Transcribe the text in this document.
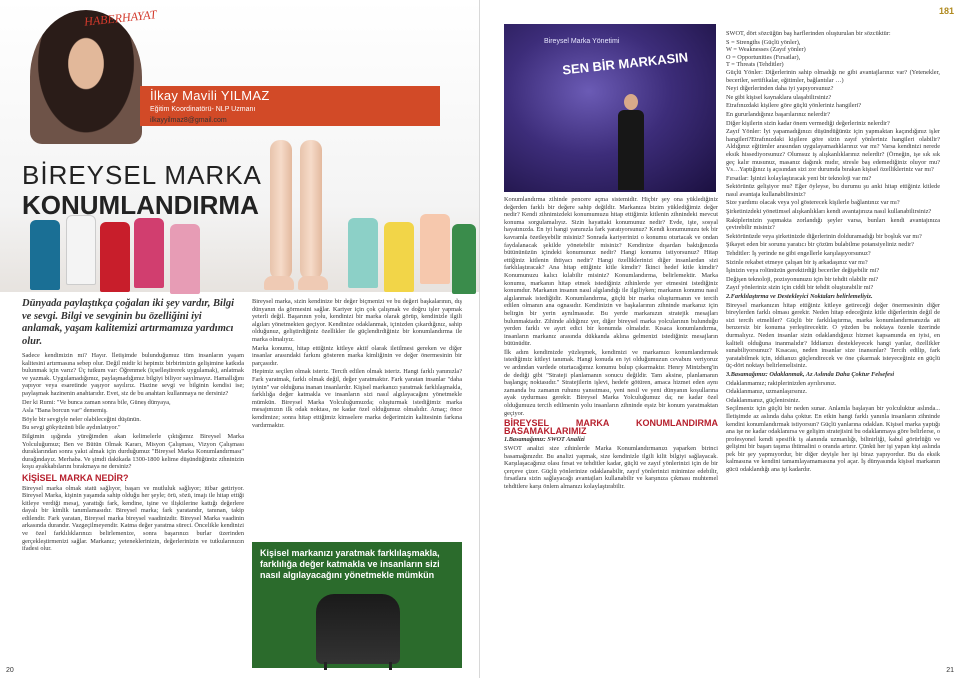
HABERHAYAT
İlkay Mavili YILMAZ
Eğitim Koordinatörü- NLP Uzmanı
ilkayyilmaz8@gmail.com
BİREYSEL MARKA
KONUMLANDIRMA
Dünyada paylaştıkça çoğalan iki şey vardır, Bilgi ve sevgi. Bilgi ve sevginin bu özelliğini iyi anlamak, yaşam kalitemizi artırmamıza yardımcı olur.

Sadece kendimizin mi? Hayır. İletişimde bulunduğumuz tüm insanların yaşam kalitesini artırmasına sebep olur. Değil midir ki hepimiz birbirimizin gelişimine katkıda bulunmak için varız? Üç tutkum var: Öğrenmek (içselleştirerek uygulamak), anlatmak ve yazmak. Uygulamadığımız, paylaşmadığımız bilgiyi biliyor sayılmayız. Hamallığını yapıyor veya esaretinde yaşıyor sayılırız. Hazine sevgi ve bilginin kendisi ise; paylaşmak hazinenin anahtarıdır. Evet, siz de bu anahtarı kullanmaya ne dersiniz?

Der ki Rumi: "Ve bunca zaman sonra bile, Güneş dünyaya,

Asla "Bana borcun var" dememiş.

Böyle bir sevgiyle neler olabileceğini düşünün.

Bu sevgi gökyüzünü bile aydınlatıyor."

Bilgimin ışığında yüreğimden akan kelimelerle çıktığımız Bireysel Marka Yolculuğumuz; Ben ve Bütün Olmak Kararı, Misyon Çalışması, Vizyon Çalışması duraklarından sonra yakıt almak için durduğumuz "Bireysel Marka Konumlandırması" durağındayız. Merhaba. Ve şimdi dakikada 1300-1800 kelime düşündüğünüz zihninizin koşu ayakkabılarını bırakmaya ne dersiniz?

KİŞİSEL MARKA NEDİR?

Bireysel marka olmak statü sağlıyor, başarı ve mutluluk sağlıyor; itibar getiriyor. Bireysel Marka, kişinin yaşamda sahip olduğu her şeyle; örü, sözü, imajı ile hitap ettiği kitleye verdiği mesaj, yarattığı fark, kendine, işine ve ilişkilerine kattığı değerlere dayalı bir kimlik tanımlamasıdır. Bireysel marka; fark yaratandır, tanınan, takip edilendir. Fark yaratan, Bireysel marka bireysel vaadinizdir. Bireysel Marka vaadinin arkasında durandır. Vazgeçilmeyendir. Katma değer yaratma süreci. Öncelikle kendinizi ve özel farklılıklarınızı belirlemenize, sonra başarınızı burlar üzerinden gerçekleştirmenizi sağlar. Markanız; yeteneklerinizin, değerlerinizin ve tutkularınızın ifadesi olur.

Bireysel marka, sizin kendinize bir değer biçmenizi ve bu değeri başkalarının, dış dünyanın da görmesini sağlar. Kariyer için çok çalışmak ve doğru işler yapmak yeterli değil. Başarının yolu, kendinizi bir marka olarak görüp, kendinizle ilgili algıları yönetmekten geçiyor. Kendinize odaklanmak, içinizden çıkardığınız, sahip olduğunuz, geliştirdiğiniz özellikler ile güçlendirdiğiniz bir konumlandırma ile marka olmalıyız.

Marka konumu, hitap ettiğiniz kitleye aktif olarak iletilmesi gereken ve diğer insanlar arasındaki farkını gösteren marka kimliğinin ve değer önermesinin bir parçasıdır.

Hepimiz seçilen olmak isteriz. Tercih edilen olmak isteriz. Hangi farklı yanınızla? Fark yaratmak, farklı olmak değil, değer yaratmaktır. Fark yaratan insanlar "daha iyinin" var olduğuna inanan insanlardır. Kişisel markanızı yaratmak farklılaşmakla, farklılığa değer katmakla ve insanların sizi nasıl algılayacağını yönetmekle mümkün. Bireysel Marka Yolculuğumuzda; oluşturmak istediğimiz marka mesajımızın ilk odak noktası, ne kadar özel olduğumuz olmalıdır. Amaç; önce kendimize; sonra hitap ettiğimiz kimselere marka değerimizin kalitesinin farkına vardırmaktır.

Kişisel markanızı yaratmak farklılaşmakla, farklılığa değer katmakla ve insanların sizi nasıl algılayacağını yönetmekle mümkün
20
181
Bireysel Marka Yönetimi
SEN BİR MARKASIN

Konumlandırma zihinde pencere açma sistemidir. Hiçbir şey ona yüklediğiniz değerden farklı bir değere sahip değildir. Markanıza bizim yüklediğimiz değer nedir? Kendi zihnimizdeki konumumuzu hitap ettiğimiz kitlenin zihnindeki mevcut konuma sorgulamalıyız. Sizin hayattaki konumunuz nedir? Evde, işte, sosyal hayatınızda. En iyi hangi yanınızla fark yaratıyorsunuz? Kendi konumunuzu tek bir kavramla özetleyebilir misiniz? Sonrada kariyerinizi o konumu oturtacak ve ondan faydalanacak şekilde yönetebilir misiniz? Kendinize dışardan baktığınızda bütününüzün içindeki konumunuz nedir? Hangi konumu istiyorsunuz? Hitap ettiğiniz kitlenin ihtiyacı nedir? Hangi özelliklerinizi diğer insanlardan sizi farklılaştıracak? Ana hitap ettiğiniz kitle kimdir? İkinci hedef kitle kimdir? Konumunuzu kalıcı kılabilir misiniz? Konumlandırma, belirlemektir. Marka konumu, markanın hitap etmek istediğiniz zihinlerde yer etmesini istediğiniz konumdur. Markanın insanın nasıl algılandığı ile ilgiliyken; markanın konumu nasıl algılanmak istediğidir. Konumlandırma, güçlü bir marka oluşturmanın ve tercih edilen olmanın ana ognasıdır. Kendinizin ve başkalarının zihninde markanız için belirgin bir yerin aynılmasıdır. Bu yerde markanızın stratejik mesajları bulunmaktadır. Zihinde aldığınız yer, diğer bireysel marka yolcularının bulunduğu yerden farklı ve ayırt edici bir konumda olmalıdır. Kısaca konumlandırma, insanların markanız arasında dükkanda aklına gelmenizi istediğiniz mesajların bütünüdür.

İlk adım kendimizde yüzleşmek, kendimizi ve markamızı konumlandırmak istediğimiz kitleyi tanımak. Hangi konuda en iyi olduğumuzun cevabını veriyoruz ve ardından vardede oturtacağımız konumu bulup çıkarmaktır. Henry Mintzberg'in de dediği gibi "Strateji planlamanın sonucu değildir. Tam aksine, planlamanın başlangıç noktasıdır." Stratejilerin işlevi, hedefe götüren, amaca hizmet eden aynı zamanda bu zamanın ruhunu yansıtması, yeni nesil ve yeni dünyanın koşullarına ayak uydurması gerekir. Bireysel Marka Yolculuğumuz da; ne kadar özel olduğumuzu tercih edilmenin yolu insanların zihninde eşsiz bir konum yaratmaktan geçiyor.

BİREYSEL MARKA KONUMLANDIRMA BASAMAKLARIMIZ

1.Basamağımız: SWOT Analizi

SWOT analizi size zihinlerde Marka Konumlandırmanızı yaparken birinci basamağınızdır. Bu analizi yapmak, size kendinizle ilgili kilit bilgiyi sağlayacak. Karşılaşacağınız olası fırsat ve tehditler kadar, güçlü ve zayıf yönlerinizi için de bir çerçeve çizer. Güçlü yönlerinize odaklanabilir, zayıf yönlerinizi minimize edebilir, fırsatlara sizin sağlayacağı avantajları kullanabilir ve karşınıza çıkması muhtemel tehditlere karşı önlem almanızı kolaylaştırabilir.

SWOT, dört sözcüğün baş harflerinden oluşturulan bir sözcüktür:

S = Strengths (Güçlü yönler),
W = Weaknesses (Zayıf yönler)
O = Opportunities (Fırsatlar),
T = Threats (Tehditler)

Güçlü Yönler: Diğerlerinin sahip olmadığı ne gibi avantajlarınız var? (Yetenekler, beceriler, sertifikalar, eğitimler, bağlantılar …)

Neyi diğerlerinden daha iyi yapıyorsunuz?

Ne gibi kişisel kaynaklara ulaşabilirsiniz?

Etrafınızdaki kişilere göre güçlü yönleriniz hangileri?

En gururlandığınız başarılarınız nelerdir?

Diğer kişilerin sizin kadar önem vermediği değerleriniz nelerdir?

Zayıf Yönler: İyi yapamadığınızı düşündüğünüz için yapmaktan kaçındığınız işler hangileri?Etrafınızdaki kişilere göre sizin zayıf yönleriniz hangileri olabilir?Aldığınız eğitimler arasından uygulayamadıklarınız var mı? Varsa kendinizi nerede eksik hissediyorsunuz? Olumsuz iş alışkanlıklarınız nelerdir? (Örneğin, işe sık sık geç kalır musunuz, masanız dağınık mıdır, stresle baş edemediğiniz oluyor mu? Vs…Yaptığınız iş açısından sizi zor durumda bırakan kişisel özellikleriniz var mı?

Fırsatlar: İşinizi kolaylaştıracak yeni bir teknoloji var mı?

Sektörünüz gelişiyor mu? Eğer öyleyse, bu durumu şu anki hitap ettiğiniz kitlede nasıl avantaja kullanabilirsiniz?

Size yardımı olacak veya yol gösterecek kişilerle bağlantınız var mı?

Şirketinizdeki yönetimsel alışkanlıkları kendi avantajınıza nasıl kullanabilirsiniz?

Rakiplerinizin yapmakta zorlandığı şeyler varsa, bunları kendi avantajınıza çevirebilir misiniz?

Sektörünüzde veya şirketinizde diğerlerinin dolduramadığı bir boşluk var mı?

Şikayet eden bir sorunu yaratıcı bir çözüm bulabilme potansiyeliniz nedir?

Tehditler: İş yerinde ne gibi engellerle karşılaşıyorsunuz?

Sizinle rekabet etmeye çalışan bir iş arkadaşınız var mı?

İşinizin veya rolünüzün gerektirdiği beceriler değişebilir mi?

Değişen teknoloji, pozisyonunuzu için bir tehdit olabilir mi?

Zayıf yönleriniz sizin için ciddi bir tehdit oluşturabilir mi?

2.Farklılaştırma ve Destekleyici Noktaları belirlemeliyiz.

Bireysel markanızın hitap ettiğiniz kitleye getireceği değer önermesinin diğer bireylerden farklı olması gerekir. Neden hitap edeceğiniz kitle diğerlerinin değil de sizi tercih etmeliler? Güçlü bir farklılaştırma, marka konumlandırmanızda ait benzersiz bir konuma yerleştirecektir. O yüzden bu noktaya özenle üzerinde durmalıyız. Neden insanlar sizin odaklandığınız hizmet kapsamında en iyisi, en kaliteli olduğuna inanmalıdır? İddianızı destekleyecek hangi yanlar, özellikler sunabiliyorsunuz? Kısacası, neden insanlar size inansınlar? Tercih edilip, fark yaratabilmek için, iddianızı güçlendirecek ve öne çıkarmak isteyeceğiniz en güçlü üç-dört noktayı belirlemelisiniz.

3.Basamağımız: Odaklanmak, Az Aslında Daha Çoktur Felsefesi

Odaklanmamız; rakiplerinizden ayrılırsınız.

Odaklanmanız, uzmanlaşırsınız.

Odaklanmanız, güçlenirsiniz.

Seçilmeniz için güçlü bir neden sunar. Anlamla başlayan bir yolculuktur aslında... İletişimde az aslında daha çoktur. En etkin hangi farklı yanınla insanların zihninde kendini konumlandırmak istiyorsun? Güçlü yanlarına odaklan. Kişisel marka yaptığı ana işe ne kadar odaklanırsa ve gelişim stratejisini bu odaklanmaya göre belirlerse, o profesyonel kendi spesifik iş alanında uzmanlığı, bilinirliği, kabul görürlüğü ve gelişimi bir başarı taşıma ihtimalini o oranda artırır. Çünkü her işi yapan kişi aslında pek bir şey yapmıyordur, bir diğer deyişle her işi biraz yapıyordur. Bu da eksik kalmasına ve kendini tamamlayamamasına yol açar. İş dünyasında kişisel markanın gücü odaklandığı ana işi kadardır.

21
